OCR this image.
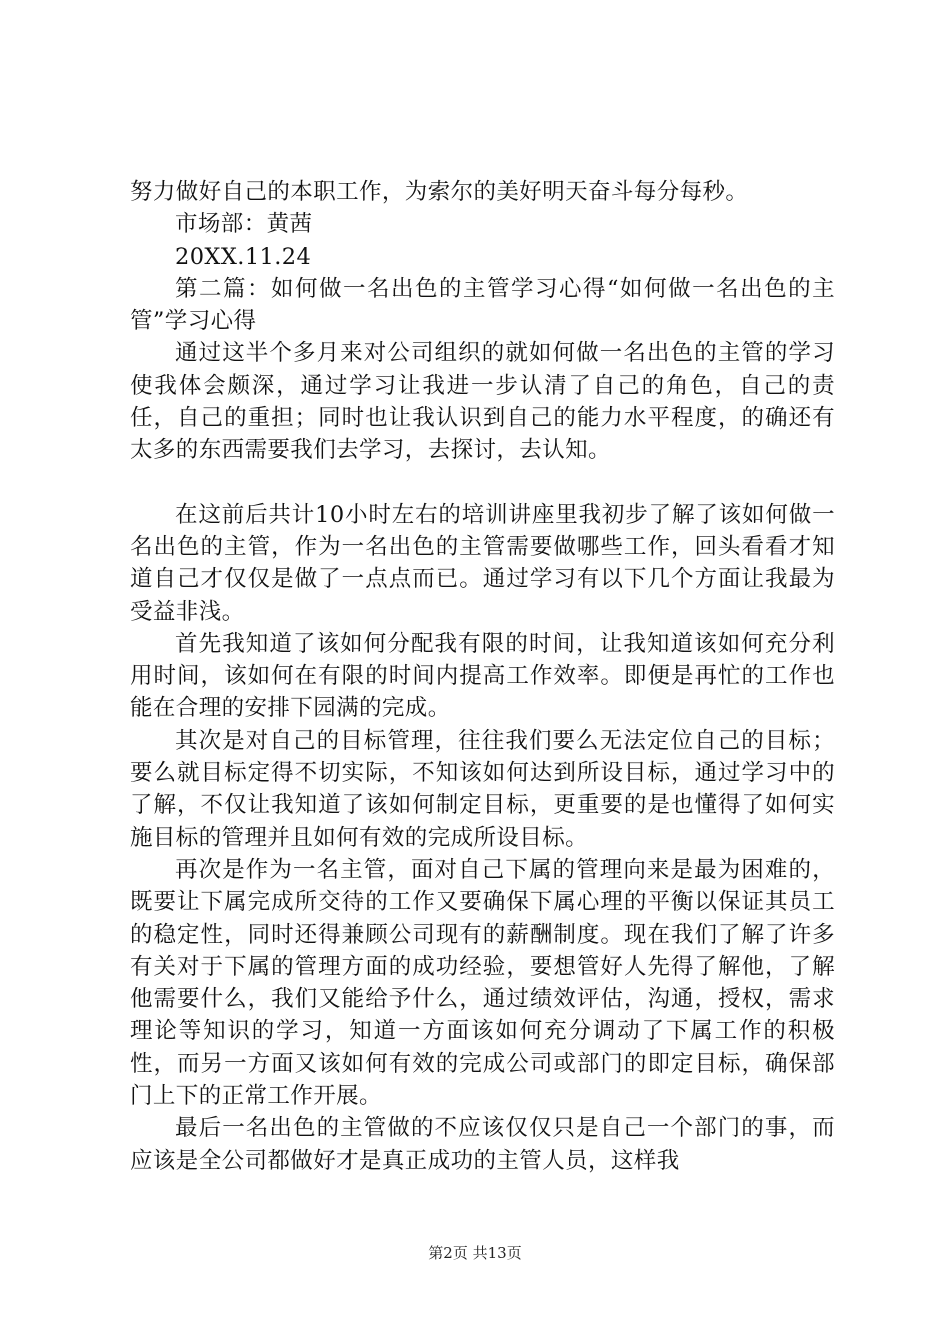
努力做好自己的本职工作，为索尔的美好明天奋斗每分每秒。

市场部：黄茜

20XX.11.24

第二篇：如何做一名出色的主管学习心得“如何做一名出色的主管”学习心得

通过这半个多月来对公司组织的就如何做一名出色的主管的学习使我体会颇深，通过学习让我进一步认清了自己的角色，自己的责任，自己的重担；同时也让我认识到自己的能力水平程度，的确还有太多的东西需要我们去学习，去探讨，去认知。

在这前后共计10小时左右的培训讲座里我初步了解了该如何做一名出色的主管，作为一名出色的主管需要做哪些工作，回头看看才知道自己才仅仅是做了一点点而已。通过学习有以下几个方面让我最为受益非浅。

首先我知道了该如何分配我有限的时间，让我知道该如何充分利用时间，该如何在有限的时间内提高工作效率。即便是再忙的工作也能在合理的安排下园满的完成。

其次是对自己的目标管理，往往我们要么无法定位自己的目标；要么就目标定得不切实际，不知该如何达到所设目标，通过学习中的了解，不仅让我知道了该如何制定目标，更重要的是也懂得了如何实施目标的管理并且如何有效的完成所设目标。

再次是作为一名主管，面对自己下属的管理向来是最为困难的，既要让下属完成所交待的工作又要确保下属心理的平衡以保证其员工的稳定性，同时还得兼顾公司现有的薪酬制度。现在我们了解了许多有关对于下属的管理方面的成功经验，要想管好人先得了解他，了解他需要什么，我们又能给予什么，通过绩效评估，沟通，授权，需求理论等知识的学习，知道一方面该如何充分调动了下属工作的积极性，而另一方面又该如何有效的完成公司或部门的即定目标，确保部门上下的正常工作开展。

最后一名出色的主管做的不应该仅仅只是自己一个部门的事，而应该是全公司都做好才是真正成功的主管人员，这样我

第2页 共13页
